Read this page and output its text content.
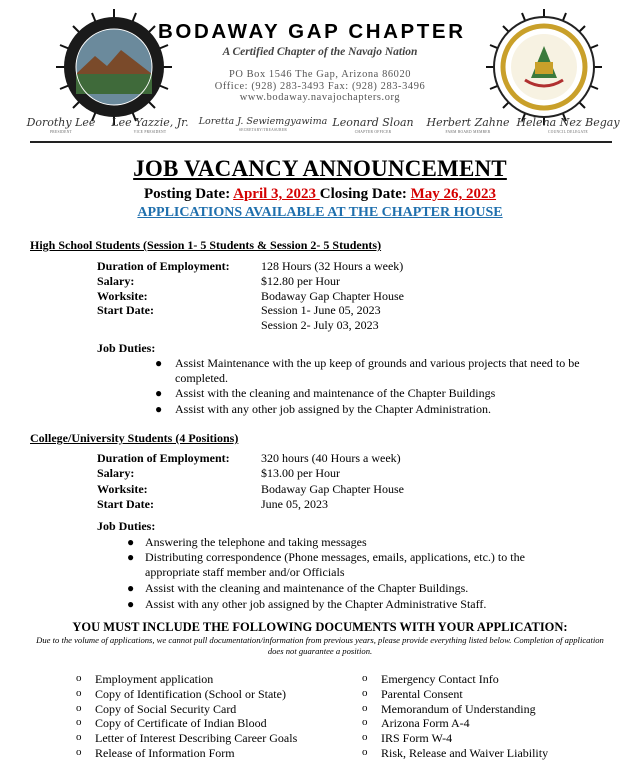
BODAWAY GAP CHAPTER
A Certified Chapter of the Navajo Nation
PO Box 1546 The Gap, Arizona 86020
Office: (928) 283-3493 Fax: (928) 283-3496
www.bodaway.navajochapters.org
Dorothy Lee
PRESIDENT
Lee Yazzie, Jr.
VICE PRESIDENT
Loretta J. Sewiemgyawima
SECRETARY/TREASURER
Leonard Sloan
CHAPTER OFFICER
Herbert Zahne
FARM BOARD MEMBER
Helena Nez Begay
COUNCIL DELEGATE
JOB VACANCY ANNOUNCEMENT
Posting Date: April 3, 2023 Closing Date: May 26, 2023
APPLICATIONS AVAILABLE AT THE CHAPTER HOUSE
High School Students (Session 1- 5 Students & Session 2- 5 Students)
Duration of Employment:	128 Hours (32 Hours a week)
Salary:	$12.80 per Hour
Worksite:	Bodaway Gap Chapter House
Start Date:	Session 1- June 05, 2023
Session 2- July 03, 2023
Job Duties:
● Assist Maintenance with the up keep of grounds and various projects that need to be
completed.
● Assist with the cleaning and maintenance of the Chapter Buildings
● Assist with any other job assigned by the Chapter Administration.
College/University Students (4 Positions)
Duration of Employment:	320 hours (40 Hours a week)
Salary:	$13.00 per Hour
Worksite:	Bodaway Gap Chapter House
Start Date:	June 05, 2023
Job Duties:
● Answering the telephone and taking messages
● Distributing correspondence (Phone messages, emails, applications, etc.) to the
appropriate staff member and/or Officials
● Assist with the cleaning and maintenance of the Chapter Buildings.
● Assist with any other job assigned by the Chapter Administrative Staff.
YOU MUST INCLUDE THE FOLLOWING DOCUMENTS WITH YOUR APPLICATION:
Due to the volume of applications, we cannot pull documentation/information from previous years, please provide everything listed below. Completion of application does not guarantee a position.
o Employment application
o Copy of Identification (School or State)
o Copy of Social Security Card
o Copy of Certificate of Indian Blood
o Letter of Interest Describing Career Goals
o Release of Information Form
o Emergency Contact Info
o Parental Consent
o Memorandum of Understanding
o Arizona Form A-4
o IRS Form W-4
o Risk, Release and Waiver Liability
